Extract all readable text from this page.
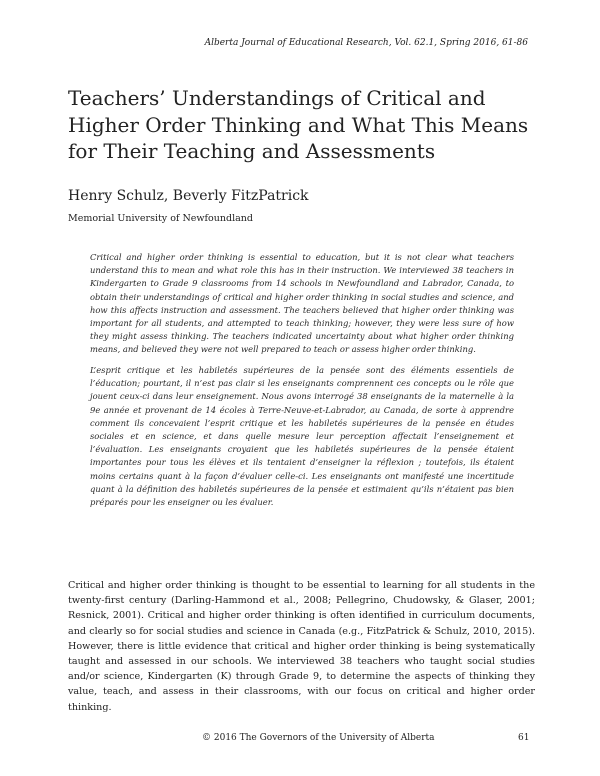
Alberta Journal of Educational Research, Vol. 62.1, Spring 2016, 61-86
Teachers’ Understandings of Critical and Higher Order Thinking and What This Means for Their Teaching and Assessments
Henry Schulz, Beverly FitzPatrick
Memorial University of Newfoundland

Critical and higher order thinking is essential to education, but it is not clear what teachers understand this to mean and what role this has in their instruction. We interviewed 38 teachers in Kindergarten to Grade 9 classrooms from 14 schools in Newfoundland and Labrador, Canada, to obtain their understandings of critical and higher order thinking in social studies and science, and how this affects instruction and assessment. The teachers believed that higher order thinking was important for all students, and attempted to teach thinking; however, they were less sure of how they might assess thinking. The teachers indicated uncertainty about what higher order thinking means, and believed they were not well prepared to teach or assess higher order thinking.

L’esprit critique et les habiletés supérieures de la pensée sont des éléments essentiels de l’éducation; pourtant, il n’est pas clair si les enseignants comprennent ces concepts ou le rôle que jouent ceux-ci dans leur enseignement. Nous avons interrogé 38 enseignants de la maternelle à la 9e année et provenant de 14 écoles à Terre-Neuve-et-Labrador, au Canada, de sorte à apprendre comment ils concevaient l’esprit critique et les habiletés supérieures de la pensée en études sociales et en science, et dans quelle mesure leur perception affectait l’enseignement et l’évaluation. Les enseignants croyaient que les habiletés supérieures de la pensée étaient importantes pour tous les élèves et ils tentaient d’enseigner la réflexion ; toutefois, ils étaient moins certains quant à la façon d’évaluer celle-ci. Les enseignants ont manifesté une incertitude quant à la définition des habiletés supérieures de la pensée et estimaient qu’ils n’étaient pas bien préparés pour les enseigner ou les évaluer.

Critical and higher order thinking is thought to be essential to learning for all students in the twenty-first century (Darling-Hammond et al., 2008; Pellegrino, Chudowsky, & Glaser, 2001; Resnick, 2001). Critical and higher order thinking is often identified in curriculum documents, and clearly so for social studies and science in Canada (e.g., FitzPatrick & Schulz, 2010, 2015). However, there is little evidence that critical and higher order thinking is being systematically taught and assessed in our schools. We interviewed 38 teachers who taught social studies and/or science, Kindergarten (K) through Grade 9, to determine the aspects of thinking they value, teach, and assess in their classrooms, with our focus on critical and higher order thinking.

© 2016 The Governors of the University of Alberta	61
